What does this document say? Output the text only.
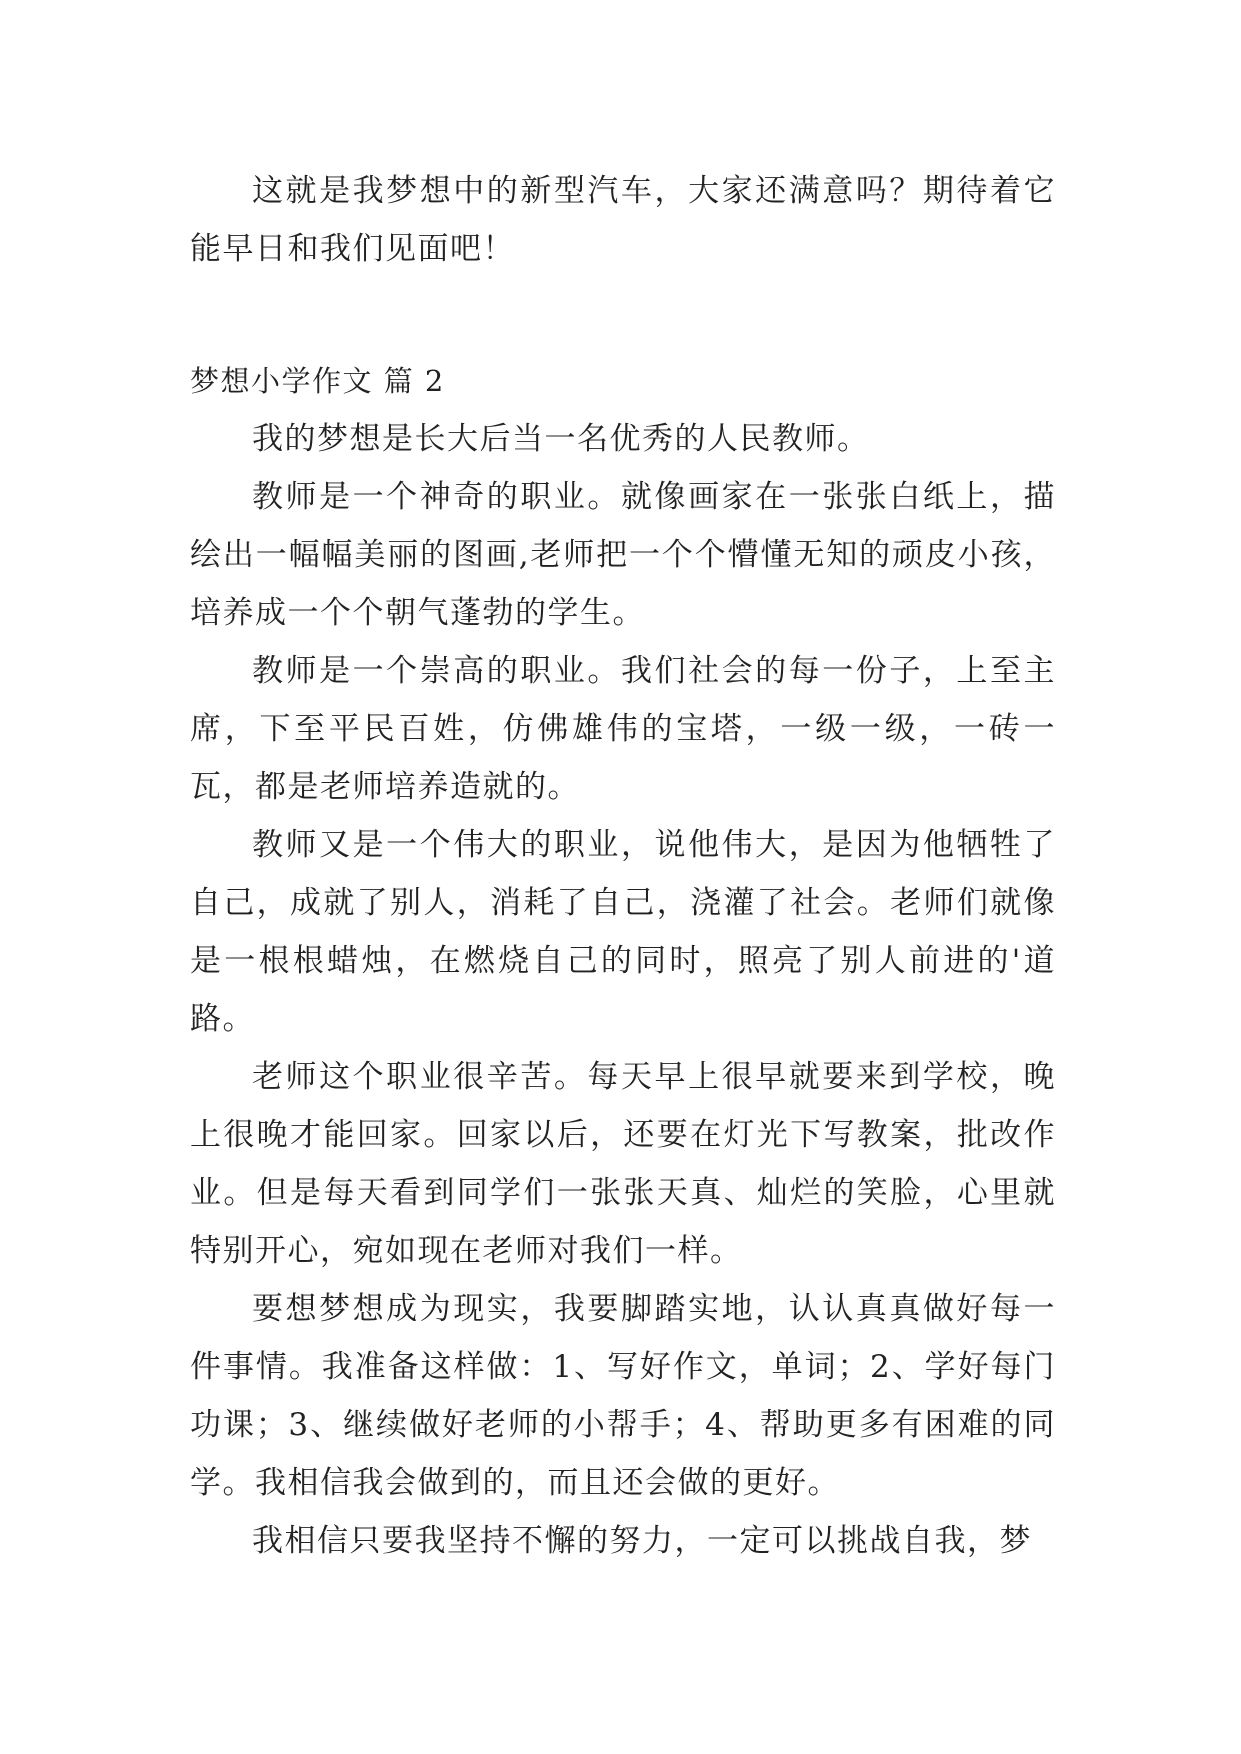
这就是我梦想中的新型汽车，大家还满意吗？期待着它能早日和我们见面吧！

梦想小学作文 篇 2

我的梦想是长大后当一名优秀的人民教师。

教师是一个神奇的职业。就像画家在一张张白纸上，描绘出一幅幅美丽的图画,老师把一个个懵懂无知的顽皮小孩，培养成一个个朝气蓬勃的学生。

教师是一个崇高的职业。我们社会的每一份子，上至主席，下至平民百姓，仿佛雄伟的宝塔，一级一级，一砖一瓦，都是老师培养造就的。

教师又是一个伟大的职业，说他伟大，是因为他牺牲了自己，成就了别人，消耗了自己，浇灌了社会。老师们就像是一根根蜡烛，在燃烧自己的同时，照亮了别人前进的'道路。

老师这个职业很辛苦。每天早上很早就要来到学校，晚上很晚才能回家。回家以后，还要在灯光下写教案，批改作业。但是每天看到同学们一张张天真、灿烂的笑脸，心里就特别开心，宛如现在老师对我们一样。

要想梦想成为现实，我要脚踏实地，认认真真做好每一件事情。我准备这样做：1、写好作文，单词；2、学好每门功课；3、继续做好老师的小帮手；4、帮助更多有困难的同学。我相信我会做到的，而且还会做的更好。

我相信只要我坚持不懈的努力，一定可以挑战自我，梦
